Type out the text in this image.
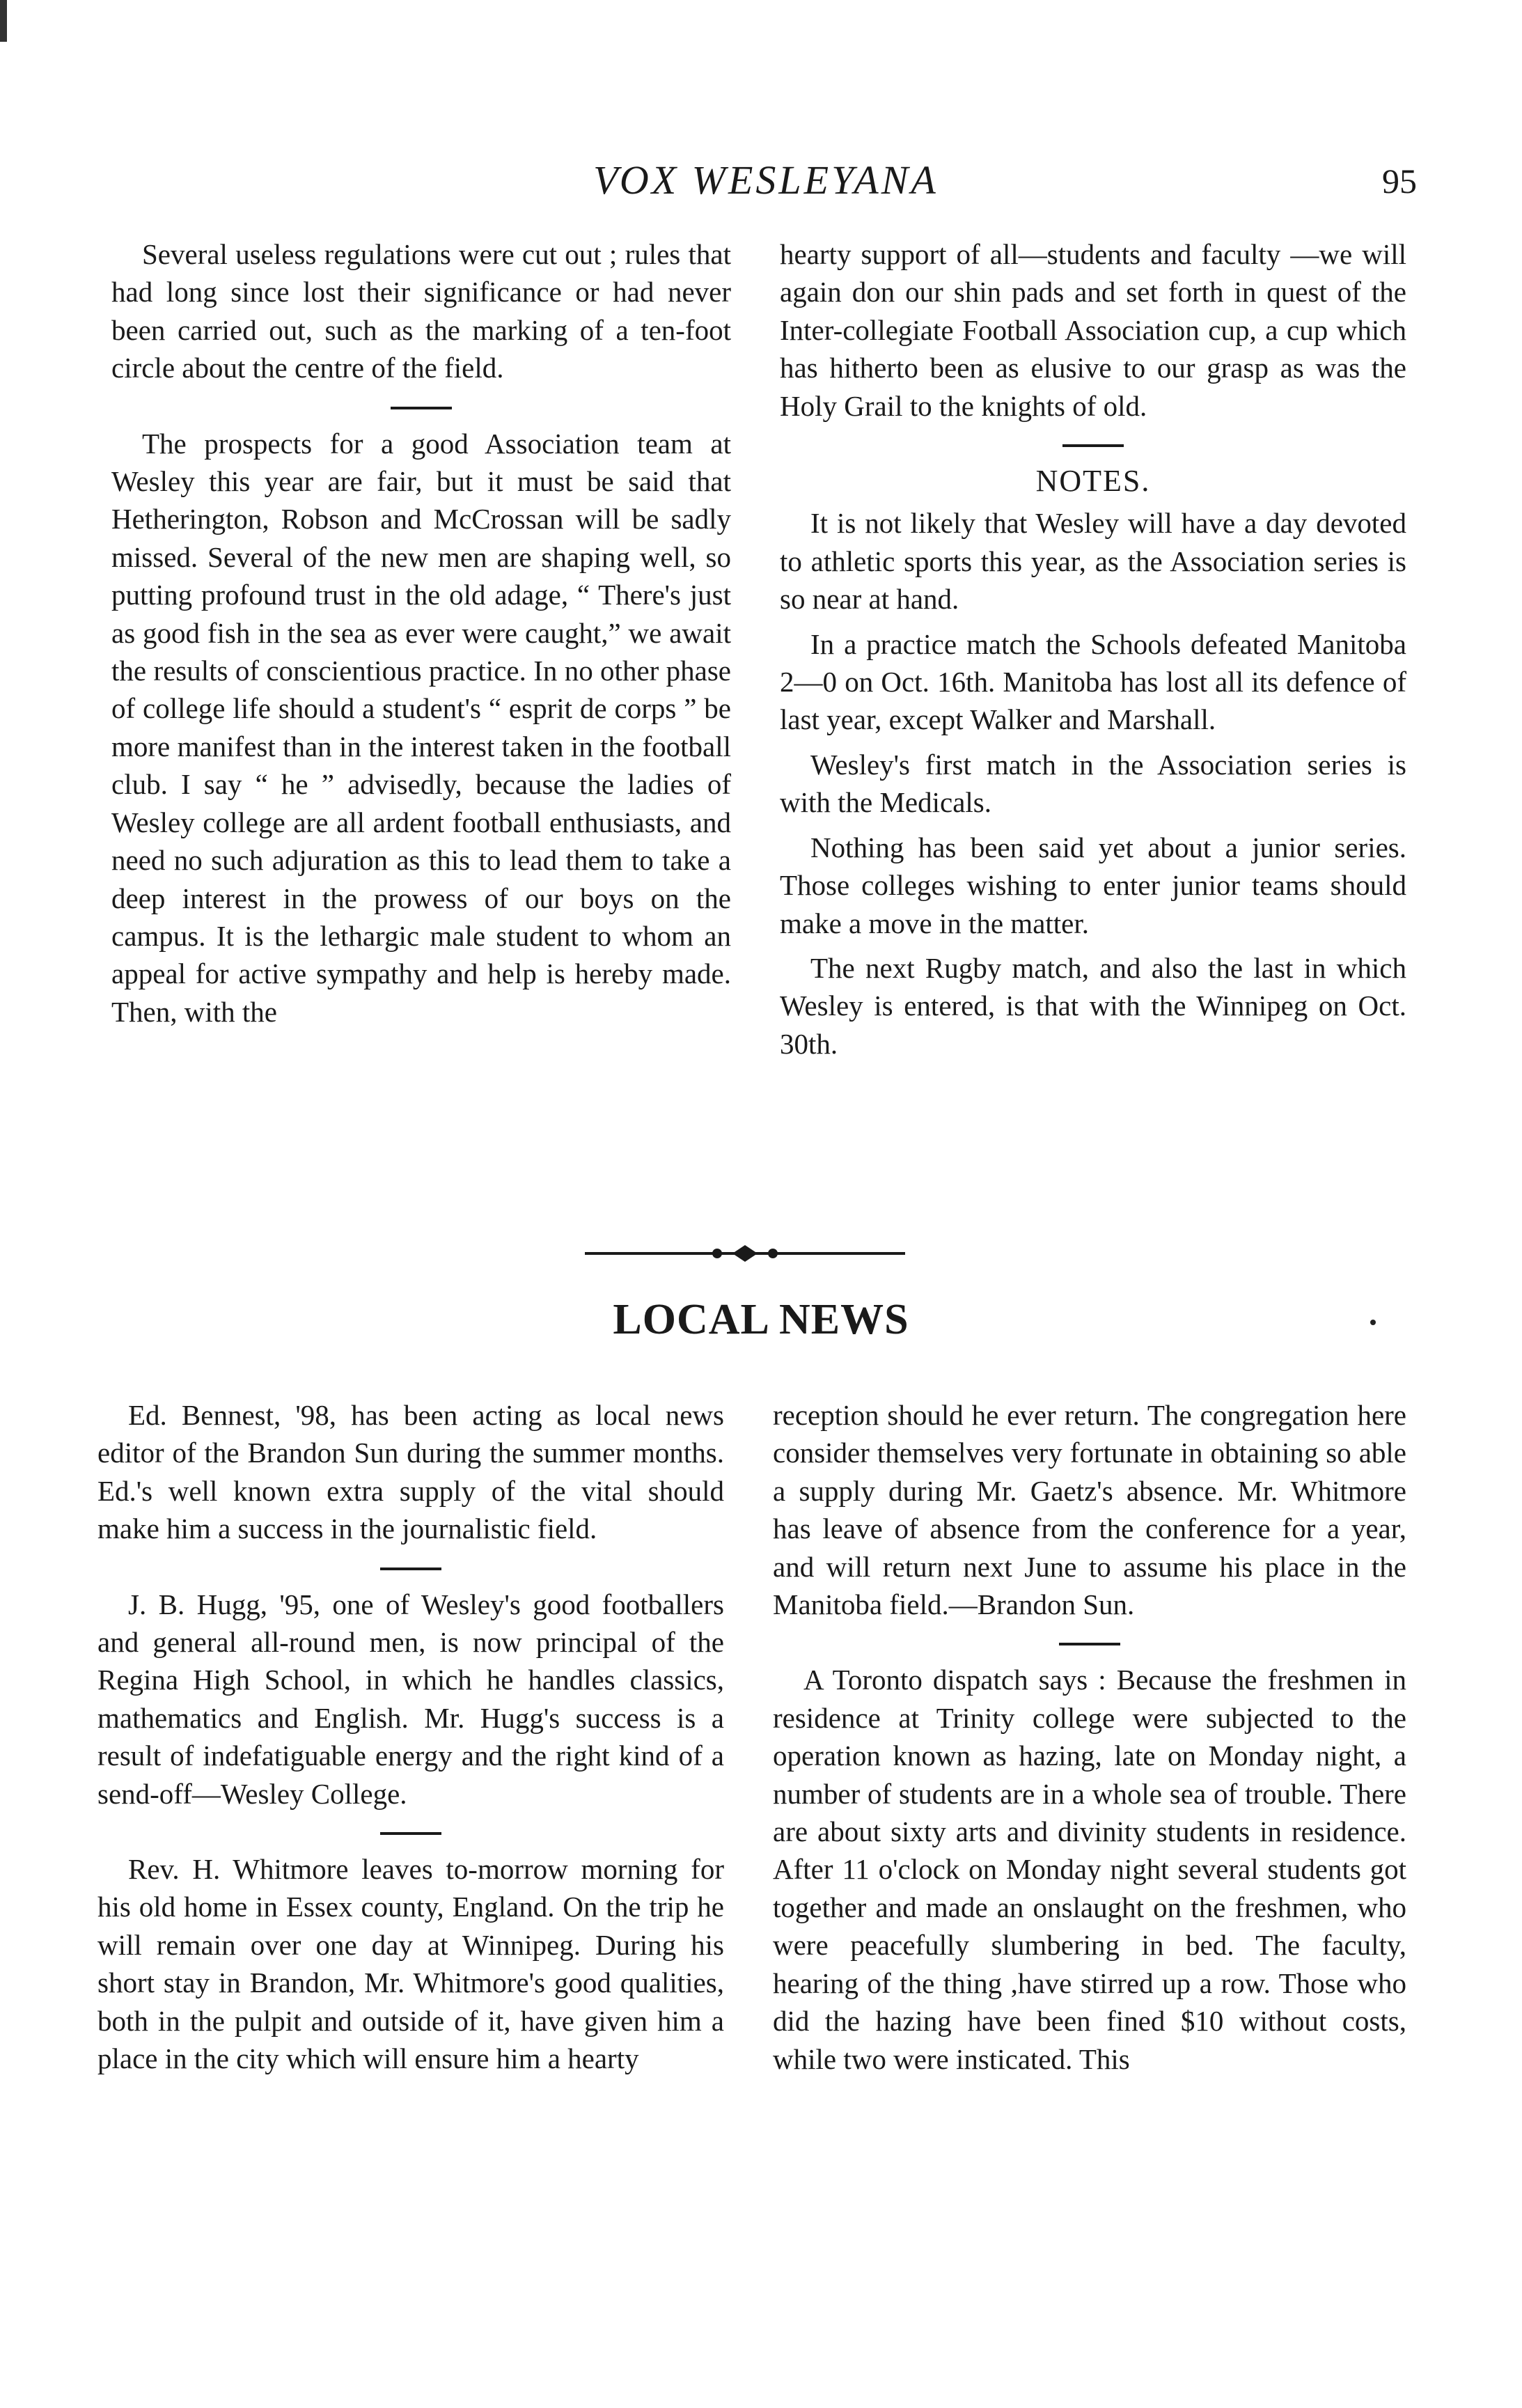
VOX WESLEYANA	95

Several useless regulations were cut out ; rules that had long since lost their significance or had never been carried out, such as the marking of a ten-foot circle about the centre of the field.

The prospects for a good Association team at Wesley this year are fair, but it must be said that Hetherington, Robson and McCrossan will be sadly missed. Several of the new men are shaping well, so putting profound trust in the old adage, “ There's just as good fish in the sea as ever were caught,” we await the results of conscientious practice. In no other phase of college life should a student's “ esprit de corps ” be more manifest than in the interest taken in the football club. I say “ he ” advisedly, because the ladies of Wesley college are all ardent football enthusiasts, and need no such adjuration as this to lead them to take a deep interest in the prowess of our boys on the campus. It is the lethargic male student to whom an appeal for active sympathy and help is hereby made. Then, with the

hearty support of all—students and faculty —we will again don our shin pads and set forth in quest of the Inter-collegiate Football Association cup, a cup which has hitherto been as elusive to our grasp as was the Holy Grail to the knights of old.

NOTES.

It is not likely that Wesley will have a day devoted to athletic sports this year, as the Association series is so near at hand.

In a practice match the Schools defeated Manitoba 2—0 on Oct. 16th. Manitoba has lost all its defence of last year, except Walker and Marshall.

Wesley's first match in the Association series is with the Medicals.

Nothing has been said yet about a junior series. Those colleges wishing to enter junior teams should make a move in the matter.

The next Rugby match, and also the last in which Wesley is entered, is that with the Winnipeg on Oct. 30th.

LOCAL NEWS

Ed. Bennest, '98, has been acting as local news editor of the Brandon Sun during the summer months. Ed.'s well known extra supply of the vital should make him a success in the journalistic field.

J. B. Hugg, '95, one of Wesley's good footballers and general all-round men, is now principal of the Regina High School, in which he handles classics, mathematics and English. Mr. Hugg's success is a result of indefatiguable energy and the right kind of a send-off—Wesley College.

Rev. H. Whitmore leaves to-morrow morning for his old home in Essex county, England. On the trip he will remain over one day at Winnipeg. During his short stay in Brandon, Mr. Whitmore's good qualities, both in the pulpit and outside of it, have given him a place in the city which will ensure him a hearty

reception should he ever return. The congregation here consider themselves very fortunate in obtaining so able a supply during Mr. Gaetz's absence. Mr. Whitmore has leave of absence from the conference for a year, and will return next June to assume his place in the Manitoba field.—Brandon Sun.

A Toronto dispatch says : Because the freshmen in residence at Trinity college were subjected to the operation known as hazing, late on Monday night, a number of students are in a whole sea of trouble. There are about sixty arts and divinity students in residence. After 11 o'clock on Monday night several students got together and made an onslaught on the freshmen, who were peacefully slumbering in bed. The faculty, hearing of the thing ,have stirred up a row. Those who did the hazing have been fined $10 without costs, while two were insticated. This
